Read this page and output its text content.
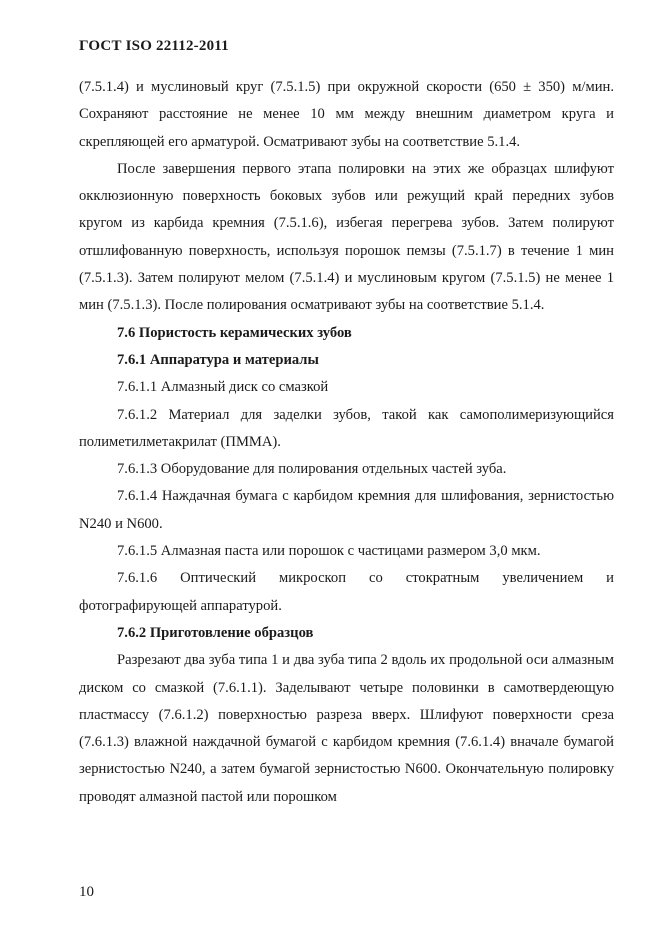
ГОСТ ISO 22112-2011

(7.5.1.4) и муслиновый круг (7.5.1.5) при окружной скорости (650 ± 350) м/мин. Сохраняют расстояние не менее 10 мм между внешним диаметром круга и скрепляющей его арматурой. Осматривают зубы на соответствие 5.1.4.

После завершения первого этапа полировки на этих же образцах шлифуют окклюзионную поверхность боковых зубов или режущий край передних зубов кругом из карбида кремния (7.5.1.6), избегая перегрева зубов. Затем полируют отшлифованную поверхность, используя порошок пемзы (7.5.1.7) в течение 1 мин (7.5.1.3). Затем полируют мелом (7.5.1.4) и муслиновым кругом (7.5.1.5) не менее 1 мин (7.5.1.3). После полирования осматривают зубы на соответствие 5.1.4.

7.6 Пористость керамических зубов

7.6.1 Аппаратура и материалы

7.6.1.1 Алмазный диск со смазкой

7.6.1.2 Материал для заделки зубов, такой как самополимеризующийся полиметилметакрилат (ПММА).

7.6.1.3 Оборудование для полирования отдельных частей зуба.

7.6.1.4 Наждачная бумага с карбидом кремния для шлифования, зернистостью N240 и N600.

7.6.1.5 Алмазная паста или порошок с частицами размером 3,0 мкм.

7.6.1.6 Оптический микроскоп со стократным увеличением и фотографирующей аппаратурой.

7.6.2 Приготовление образцов

Разрезают два зуба типа 1 и два зуба типа 2 вдоль их продольной оси алмазным диском со смазкой (7.6.1.1). Заделывают четыре половинки в самотвердеющую пластмассу (7.6.1.2) поверхностью разреза вверх. Шлифуют поверхности среза (7.6.1.3) влажной наждачной бумагой с карбидом кремния (7.6.1.4) вначале бумагой зернистостью N240, а затем бумагой зернистостью N600. Окончательную полировку проводят алмазной пастой или порошком

10
